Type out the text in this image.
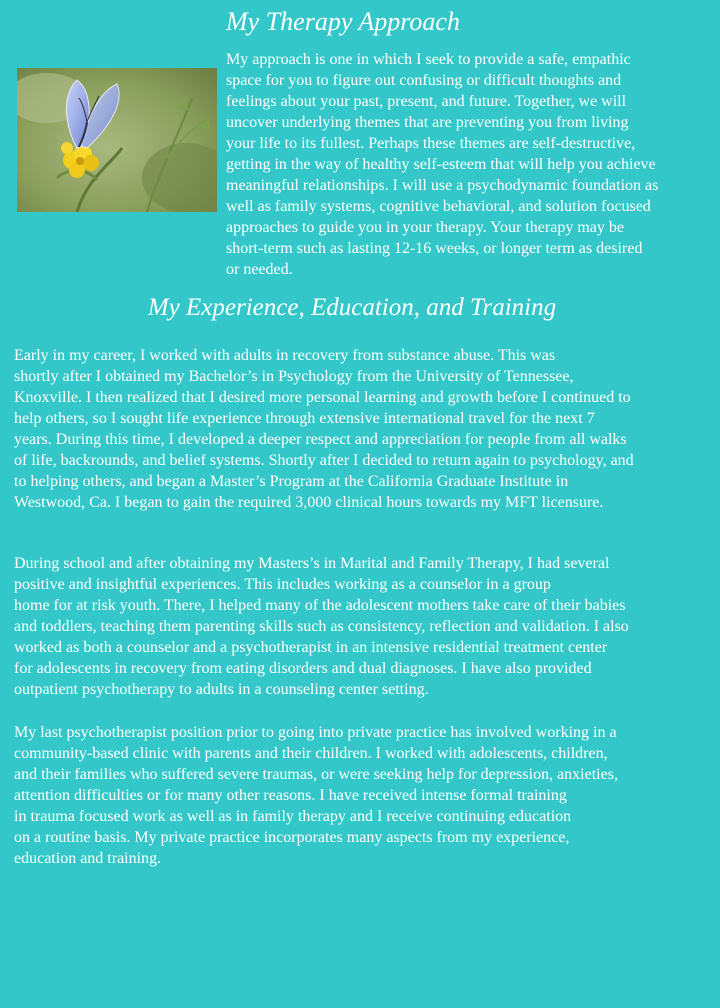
My Therapy Approach

My approach is one in which I seek to provide a safe, empathic
space for you to figure out confusing or difficult thoughts and
feelings about your past, present, and future. Together, we will
uncover underlying themes that are preventing you from living
your life to its fullest. Perhaps these themes are self-destructive,
getting in the way of healthy self-esteem that will help you achieve
meaningful relationships. I will use a psychodynamic foundation as
well as family systems, cognitive behavioral, and solution focused
approaches to guide you in your therapy. Your therapy may be
short-term such as lasting 12-16 weeks, or longer term as desired
or needed.

My Experience, Education, and Training

Early in my career, I worked with adults in recovery from substance abuse. This was
shortly after I obtained my Bachelor’s in Psychology from the University of Tennessee,
Knoxville. I then realized that I desired more personal learning and growth before I continued to
help others, so I sought life experience through extensive international travel for the next 7
years. During this time, I developed a deeper respect and appreciation for people from all walks
of life, backrounds, and belief systems. Shortly after I decided to return again to psychology, and
to helping others, and began a Master’s Program at the California Graduate Institute in
Westwood, Ca. I began to gain the required 3,000 clinical hours towards my MFT licensure.

During school and after obtaining my Masters’s in Marital and Family Therapy, I had several
positive and insightful experiences. This includes working as a counselor in a group
home for at risk youth. There, I helped many of the adolescent mothers take care of their babies
and toddlers, teaching them parenting skills such as consistency, reflection and validation. I also
worked as both a counselor and a psychotherapist in an intensive residential treatment center
for adolescents in recovery from eating disorders and dual diagnoses. I have also provided
outpatient psychotherapy to adults in a counseling center setting.

My last psychotherapist position prior to going into private practice has involved working in a
community-based clinic with parents and their children. I worked with adolescents, children,
and their families who suffered severe traumas, or were seeking help for depression, anxieties,
attention difficulties or for many other reasons. I have received intense formal training
in trauma focused work as well as in family therapy and I receive continuing education
on a routine basis. My private practice incorporates many aspects from my experience,
education and training.
